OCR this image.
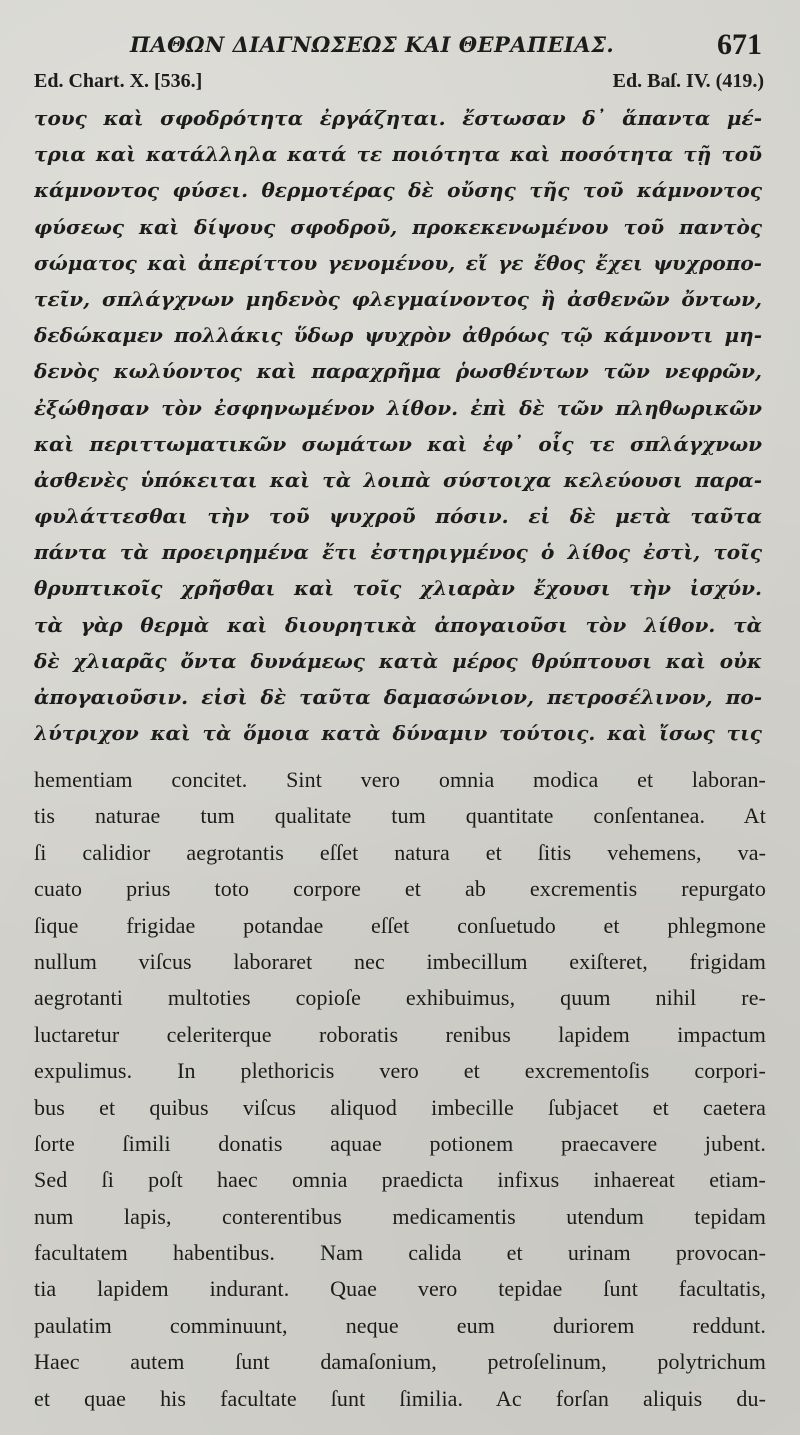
ΠΑΘΩΝ ΔΙΑΓΝΩΣΕΩΣ ΚΑΙ ΘΕΡΑΠΕΙΑΣ.	671
Ed. Chart. X. [536.]	Ed. Baſ. IV. (419.)
τους καὶ σφοδρότητα ἐργάζηται. ἔστωσαν δ᾽ ἅπαντα μέ-
τρια καὶ κατάλληλα κατά τε ποιότητα καὶ ποσότητα τῇ τοῦ
κάμνοντος φύσει. θερμοτέρας δὲ οὔσης τῆς τοῦ κάμνοντος
φύσεως καὶ δίψους σφοδροῦ, προκεκενωμένου τοῦ παντὸς
σώματος καὶ ἀπερίττου γενομένου, εἴ γε ἔθος ἔχει ψυχροπο-
τεῖν, σπλάγχνων μηδενὸς φλεγμαίνοντος ἢ ἀσθενῶν ὄντων,
δεδώκαμεν πολλάκις ὕδωρ ψυχρὸν ἀθρόως τῷ κάμνοντι μη-
δενὸς κωλύοντος καὶ παραχρῆμα ῥωσθέντων τῶν νεφρῶν,
ἐξώθησαν τὸν ἐσφηνωμένον λίθον. ἐπὶ δὲ τῶν πληθωρικῶν
καὶ περιττωματικῶν σωμάτων καὶ ἐφ᾽ οἷς τε σπλάγχνων
ἀσθενὲς ὑπόκειται καὶ τὰ λοιπὰ σύστοιχα κελεύουσι παρα-
φυλάττεσθαι τὴν τοῦ ψυχροῦ πόσιν. εἰ δὲ μετὰ ταῦτα
πάντα τὰ προειρημένα ἔτι ἐστηριγμένος ὁ λίθος ἐστὶ, τοῖς
θρυπτικοῖς χρῆσθαι καὶ τοῖς χλιαρὰν ἔχουσι τὴν ἰσχύν.
τὰ γὰρ θερμὰ καὶ διουρητικὰ ἀπογαιοῦσι τὸν λίθον. τὰ
δὲ χλιαρᾶς ὄντα δυνάμεως κατὰ μέρος θρύπτουσι καὶ οὐκ
ἀπογαιοῦσιν. εἰσὶ δὲ ταῦτα δαμασώνιον, πετροσέλινον, πο-
λύτριχον καὶ τὰ ὅμοια κατὰ δύναμιν τούτοις. καὶ ἴσως τις
hementiam concitet. Sint vero omnia modica et laboran-
tis naturae tum qualitate tum quantitate conſentanea. At
ſi calidior aegrotantis eſſet natura et ſitis vehemens, va-
cuato prius toto corpore et ab excrementis repurgato
ſique frigidae potandae eſſet conſuetudo et phlegmone
nullum viſcus laboraret nec imbecillum exiſteret, frigidam
aegrotanti multoties copioſe exhibuimus, quum nihil re-
luctaretur celeriterque roboratis renibus lapidem impactum
expulimus. In plethoricis vero et excrementoſis corpori-
bus et quibus viſcus aliquod imbecille ſubjacet et caetera
ſorte ſimili donatis aquae potionem praecavere jubent.
Sed ſi poſt haec omnia praedicta infixus inhaereat etiam-
num lapis, conterentibus medicamentis utendum tepidam
facultatem habentibus. Nam calida et urinam provocan-
tia lapidem indurant. Quae vero tepidae ſunt facultatis,
paulatim comminuunt, neque eum duriorem reddunt.
Haec autem ſunt damaſonium, petroſelinum, polytrichum
et quae his facultate ſunt ſimilia. Ac forſan aliquis du-
